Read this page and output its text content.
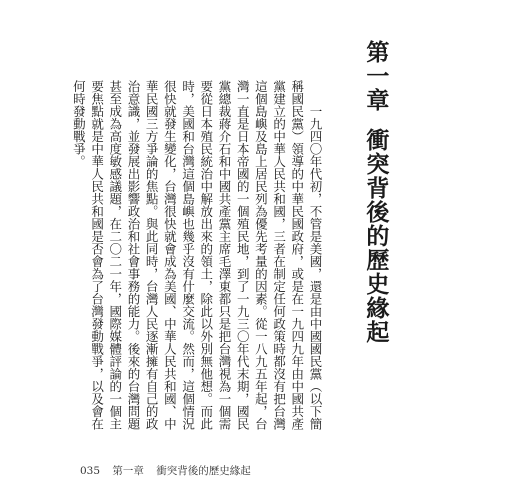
第一章衝突背後的歷史緣起

一九四〇年代初，不管是美國，還是由中國國民黨（以下簡稱國民黨）領導的中華民國政府，或是在一九四九年由中國共產黨建立的中華人民共和國，三者在制定任何政策時都沒有把台灣這個島嶼及島上居民列為優先考量的因素。從一八九五年起，台灣一直是日本帝國的一個殖民地，到了一九三〇年代末期，國民黨總裁蔣介石和中國共產黨主席毛澤東都只是把台灣視為一個需要從日本殖民統治中解放出來的領土，除此以外別無他想。而此時，美國和台灣這個島嶼也幾乎沒有什麼交流。然而，這個情況很快就發生變化，台灣很快就會成為美國、中華人民共和國、中華民國三方爭論的焦點。與此同時，台灣人民逐漸擁有自己的政治意識，並發展出影響政治和社會事務的能力。後來的台灣問題甚至成為高度敏感議題，在二〇二一年，國際媒體評論的一個主要焦點就是中華人民共和國是否會為了台灣發動戰爭，以及會在何時發動戰爭。

035 第一章 衝突背後的歷史緣起
